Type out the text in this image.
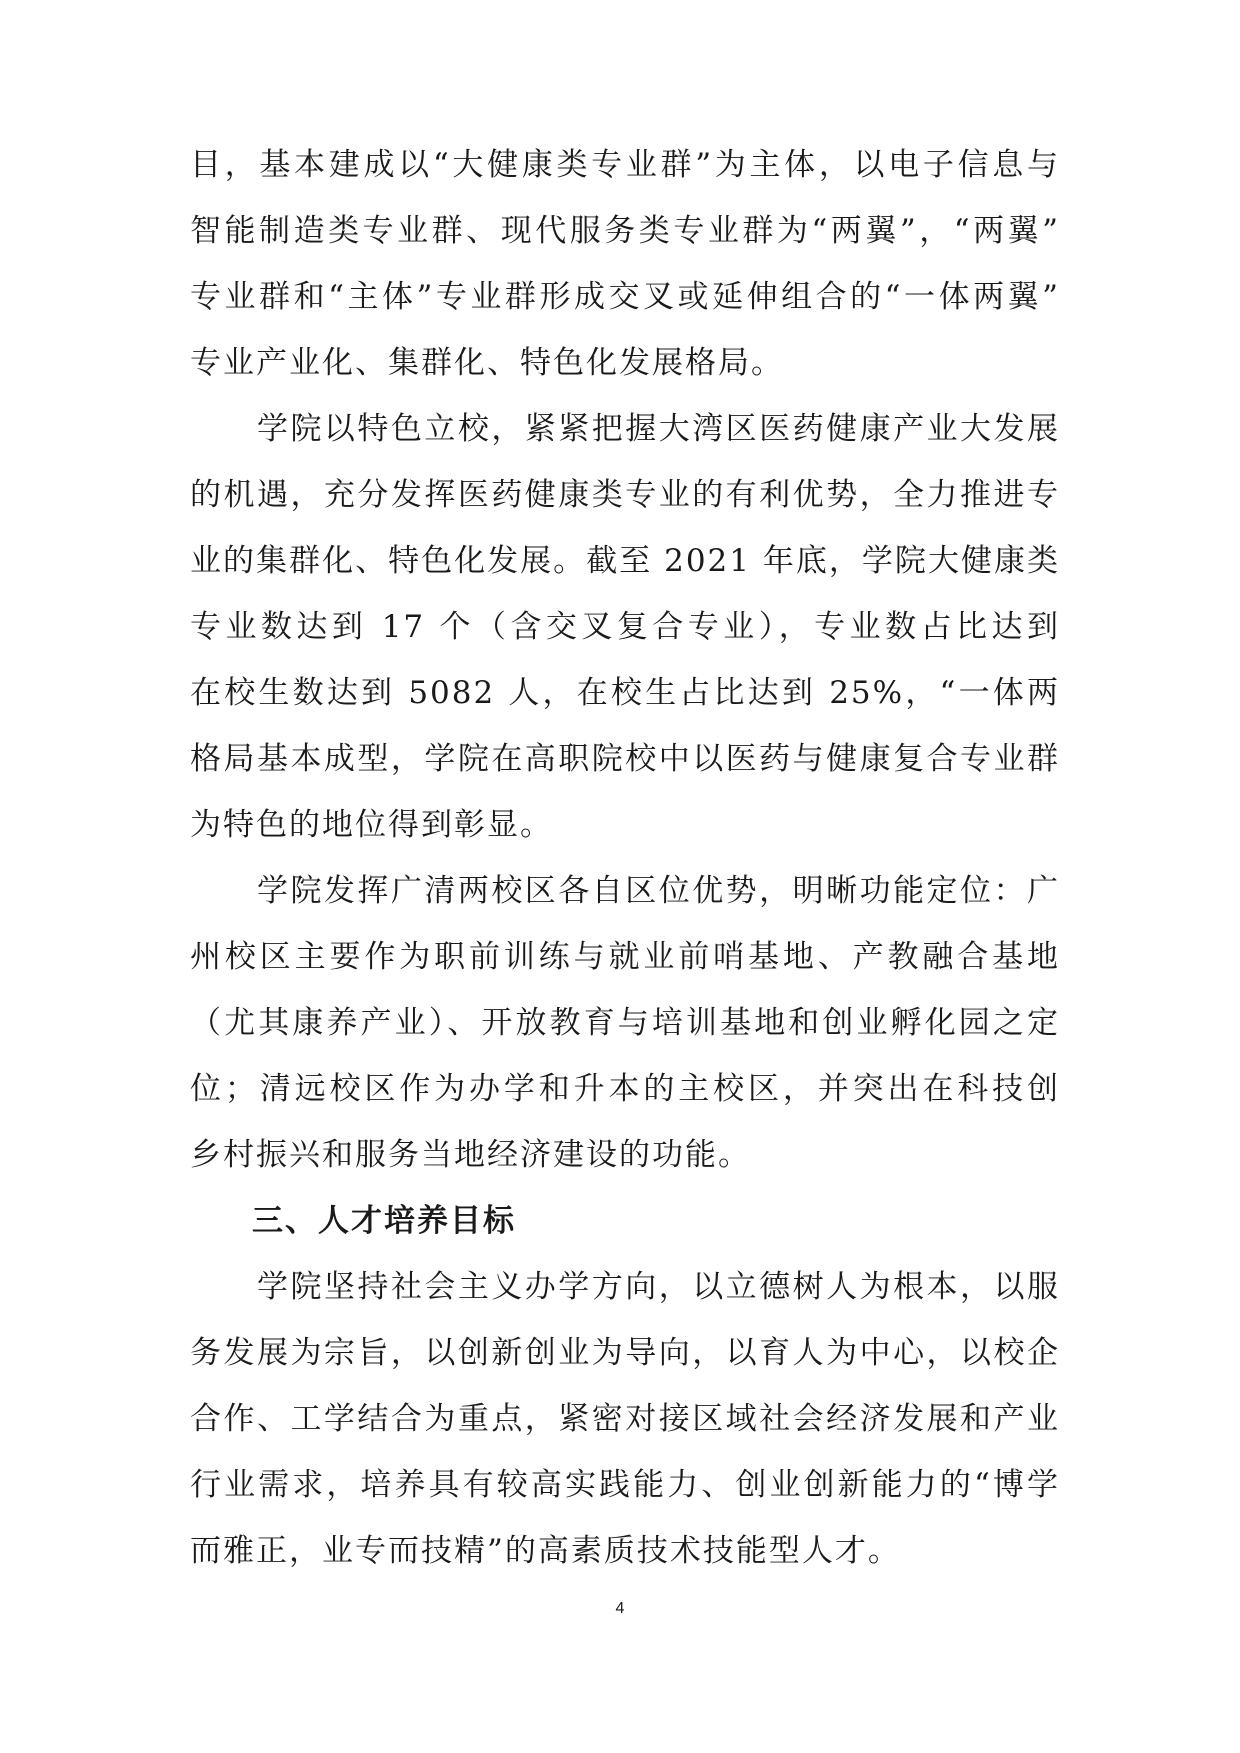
目，基本建成以“大健康类专业群”为主体，以电子信息与
智能制造类专业群、现代服务类专业群为“两翼”，“两翼”
专业群和“主体”专业群形成交叉或延伸组合的“一体两翼”
专业产业化、集群化、特色化发展格局。
　　学院以特色立校，紧紧把握大湾区医药健康产业大发展
的机遇，充分发挥医药健康类专业的有利优势，全力推进专
业的集群化、特色化发展。截至 2021 年底，学院大健康类
专业数达到 17 个（含交叉复合专业），专业数占比达到
在校生数达到 5082 人，在校生占比达到 25%，“一体两
格局基本成型，学院在高职院校中以医药与健康复合专业群
为特色的地位得到彰显。
　　学院发挥广清两校区各自区位优势，明晰功能定位：广
州校区主要作为职前训练与就业前哨基地、产教融合基地
（尤其康养产业）、开放教育与培训基地和创业孵化园之定
位；清远校区作为办学和升本的主校区，并突出在科技创
乡村振兴和服务当地经济建设的功能。
三、人才培养目标
　　学院坚持社会主义办学方向，以立德树人为根本，以服
务发展为宗旨，以创新创业为导向，以育人为中心，以校企
合作、工学结合为重点，紧密对接区域社会经济发展和产业
行业需求，培养具有较高实践能力、创业创新能力的“博学
而雅正，业专而技精”的高素质技术技能型人才。
4
